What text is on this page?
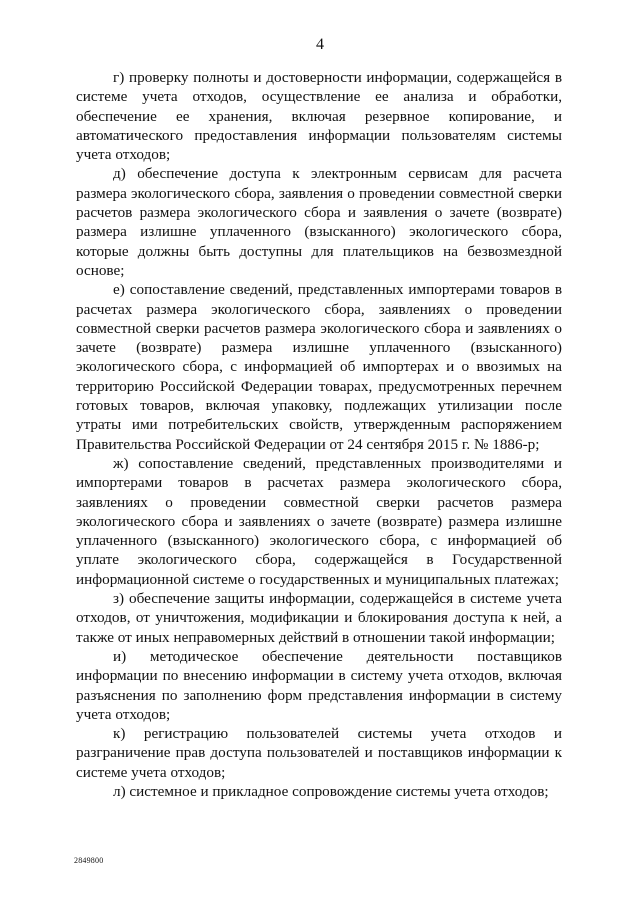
4

г) проверку полноты и достоверности информации, содержащейся в системе учета отходов, осуществление ее анализа и обработки, обеспечение ее хранения, включая резервное копирование, и автоматического предоставления информации пользователям системы учета отходов;

д) обеспечение доступа к электронным сервисам для расчета размера экологического сбора, заявления о проведении совместной сверки расчетов размера экологического сбора и заявления о зачете (возврате) размера излишне уплаченного (взысканного) экологического сбора, которые должны быть доступны для плательщиков на безвозмездной основе;

е) сопоставление сведений, представленных импортерами товаров в расчетах размера экологического сбора, заявлениях о проведении совместной сверки расчетов размера экологического сбора и заявлениях о зачете (возврате) размера излишне уплаченного (взысканного) экологического сбора, с информацией об импортерах и о ввозимых на территорию Российской Федерации товарах, предусмотренных перечнем готовых товаров, включая упаковку, подлежащих утилизации после утраты ими потребительских свойств, утвержденным распоряжением Правительства Российской Федерации от 24 сентября 2015 г. № 1886-р;

ж) сопоставление сведений, представленных производителями и импортерами товаров в расчетах размера экологического сбора, заявлениях о проведении совместной сверки расчетов размера экологического сбора и заявлениях о зачете (возврате) размера излишне уплаченного (взысканного) экологического сбора, с информацией об уплате экологического сбора, содержащейся в Государственной информационной системе о государственных и муниципальных платежах;

з) обеспечение защиты информации, содержащейся в системе учета отходов, от уничтожения, модификации и блокирования доступа к ней, а также от иных неправомерных действий в отношении такой информации;

и) методическое обеспечение деятельности поставщиков информации по внесению информации в систему учета отходов, включая разъяснения по заполнению форм представления информации в систему учета отходов;

к) регистрацию пользователей системы учета отходов и разграничение прав доступа пользователей и поставщиков информации к системе учета отходов;

л) системное и прикладное сопровождение системы учета отходов;

2849800
